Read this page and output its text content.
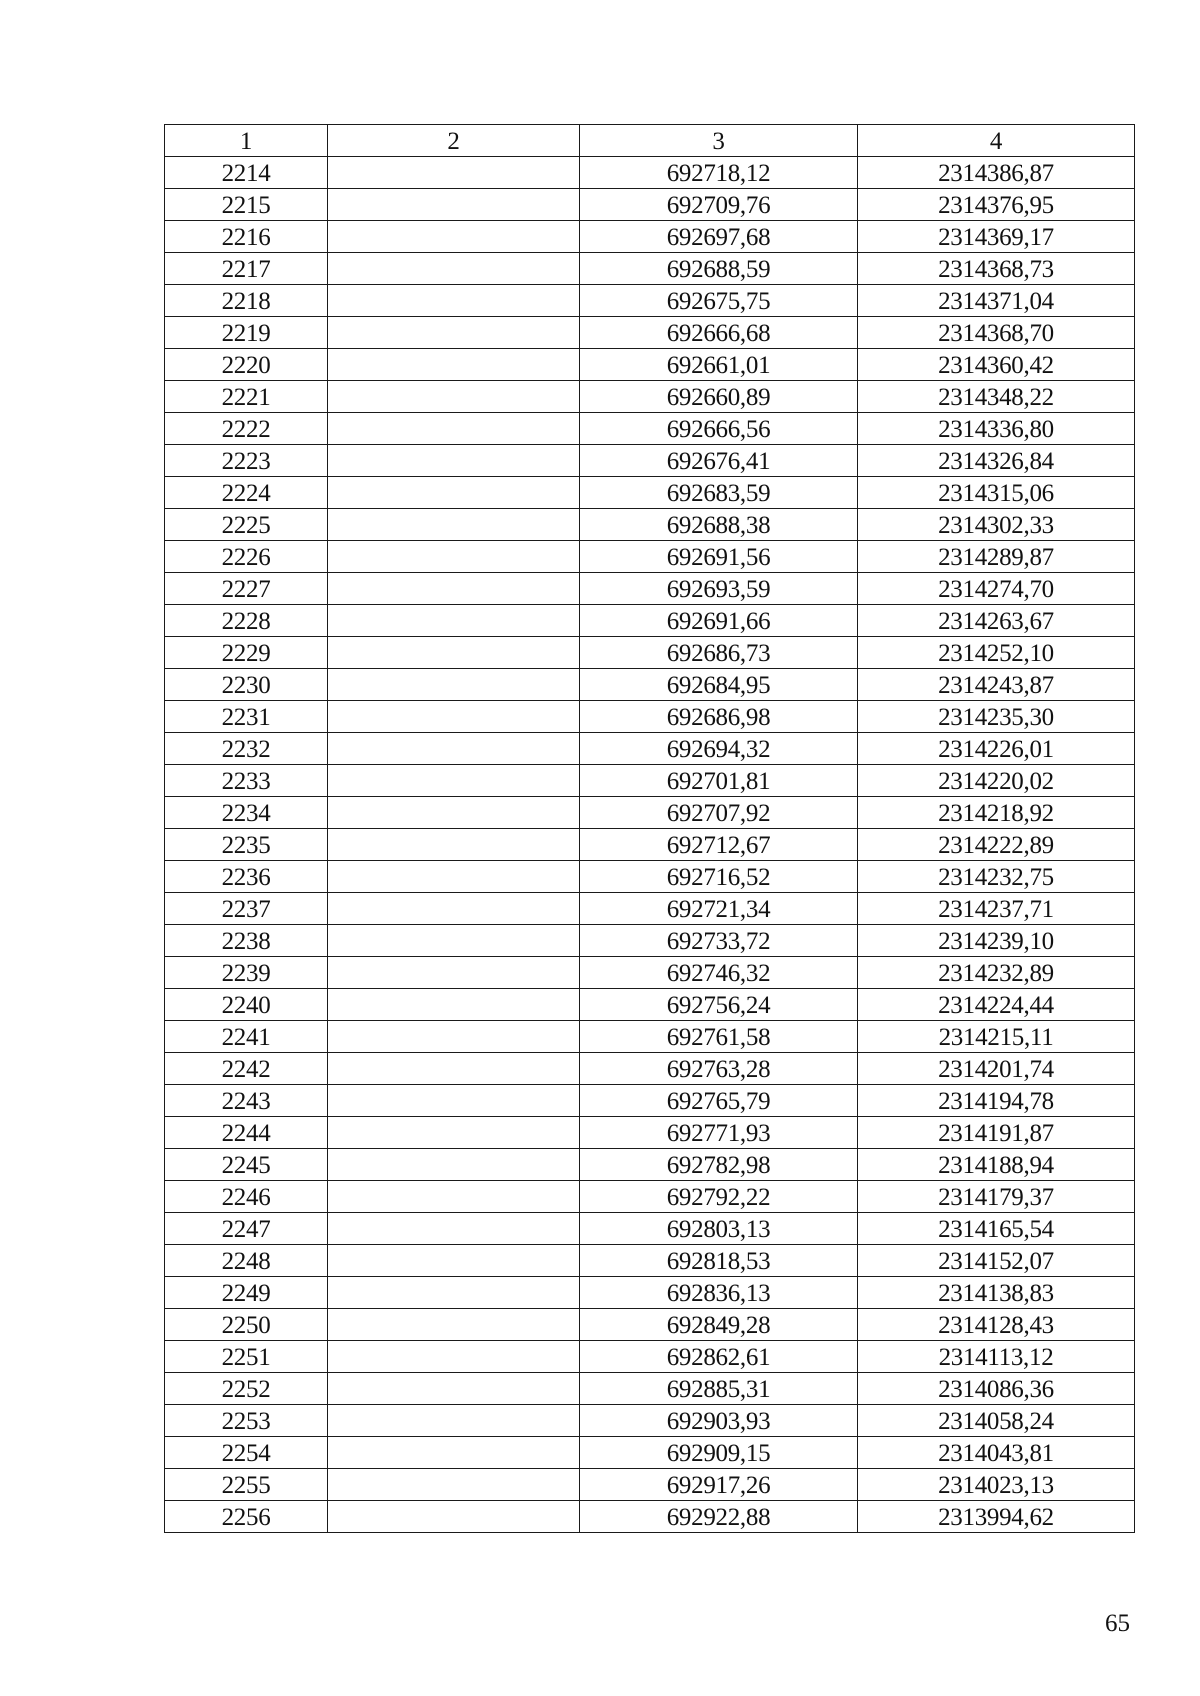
1	2	3	4
2214		692718,12	2314386,87
2215		692709,76	2314376,95
2216		692697,68	2314369,17
2217		692688,59	2314368,73
2218		692675,75	2314371,04
2219		692666,68	2314368,70
2220		692661,01	2314360,42
2221		692660,89	2314348,22
2222		692666,56	2314336,80
2223		692676,41	2314326,84
2224		692683,59	2314315,06
2225		692688,38	2314302,33
2226		692691,56	2314289,87
2227		692693,59	2314274,70
2228		692691,66	2314263,67
2229		692686,73	2314252,10
2230		692684,95	2314243,87
2231		692686,98	2314235,30
2232		692694,32	2314226,01
2233		692701,81	2314220,02
2234		692707,92	2314218,92
2235		692712,67	2314222,89
2236		692716,52	2314232,75
2237		692721,34	2314237,71
2238		692733,72	2314239,10
2239		692746,32	2314232,89
2240		692756,24	2314224,44
2241		692761,58	2314215,11
2242		692763,28	2314201,74
2243		692765,79	2314194,78
2244		692771,93	2314191,87
2245		692782,98	2314188,94
2246		692792,22	2314179,37
2247		692803,13	2314165,54
2248		692818,53	2314152,07
2249		692836,13	2314138,83
2250		692849,28	2314128,43
2251		692862,61	2314113,12
2252		692885,31	2314086,36
2253		692903,93	2314058,24
2254		692909,15	2314043,81
2255		692917,26	2314023,13
2256		692922,88	2313994,62
65
